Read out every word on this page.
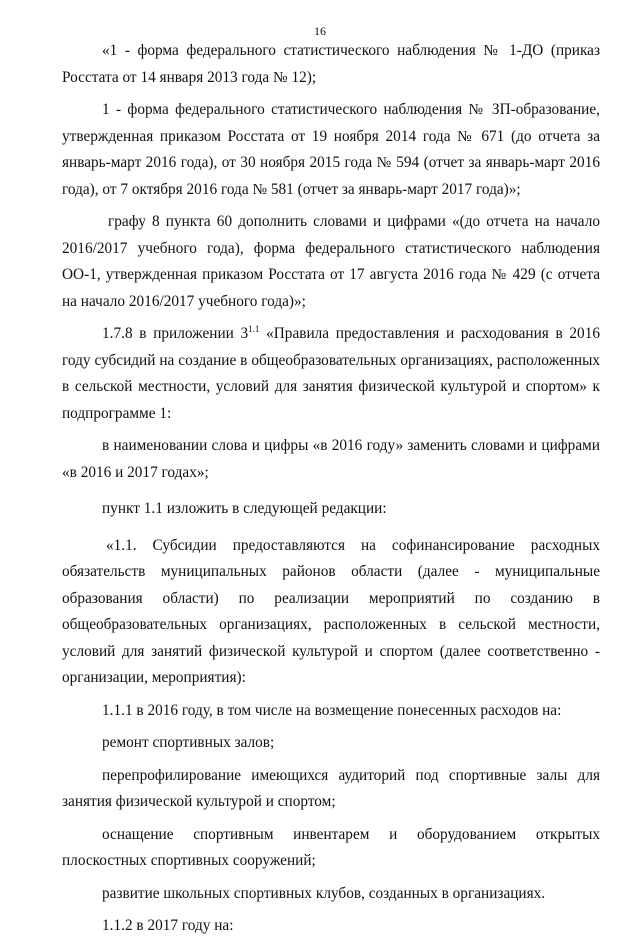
16

«1 - форма федерального статистического наблюдения № 1-ДО (приказ Росстата от 14 января 2013 года № 12);

1 - форма федерального статистического наблюдения № ЗП-образование, утвержденная приказом Росстата от 19 ноября 2014 года № 671 (до отчета за январь-март 2016 года), от 30 ноября 2015 года № 594 (отчет за январь-март 2016 года), от 7 октября 2016 года № 581 (отчет за январь-март 2017 года)»;

графу 8 пункта 60 дополнить словами и цифрами «(до отчета на начало 2016/2017 учебного года), форма федерального статистического наблюдения ОО-1, утвержденная приказом Росстата от 17 августа 2016 года № 429 (с отчета на начало 2016/2017 учебного года)»;

1.7.8 в приложении $3^{1.1}$ «Правила предоставления и расходования в 2016 году субсидий на создание в общеобразовательных организациях, расположенных в сельской местности, условий для занятия физической культурой и спортом» к подпрограмме 1:

в наименовании слова и цифры «в 2016 году» заменить словами и цифрами «в 2016 и 2017 годах»;

пункт 1.1 изложить в следующей редакции:

«1.1. Субсидии предоставляются на софинансирование расходных обязательств муниципальных районов области (далее - муниципальные образования области) по реализации мероприятий по созданию в общеобразовательных организациях, расположенных в сельской местности, условий для занятий физической культурой и спортом (далее соответственно - организации, мероприятия):

1.1.1 в 2016 году, в том числе на возмещение понесенных расходов на:

ремонт спортивных залов;

перепрофилирование имеющихся аудиторий под спортивные залы для занятия физической культурой и спортом;

оснащение спортивным инвентарем и оборудованием открытых плоскостных спортивных сооружений;

развитие школьных спортивных клубов, созданных в организациях.

1.1.2 в 2017 году на:
